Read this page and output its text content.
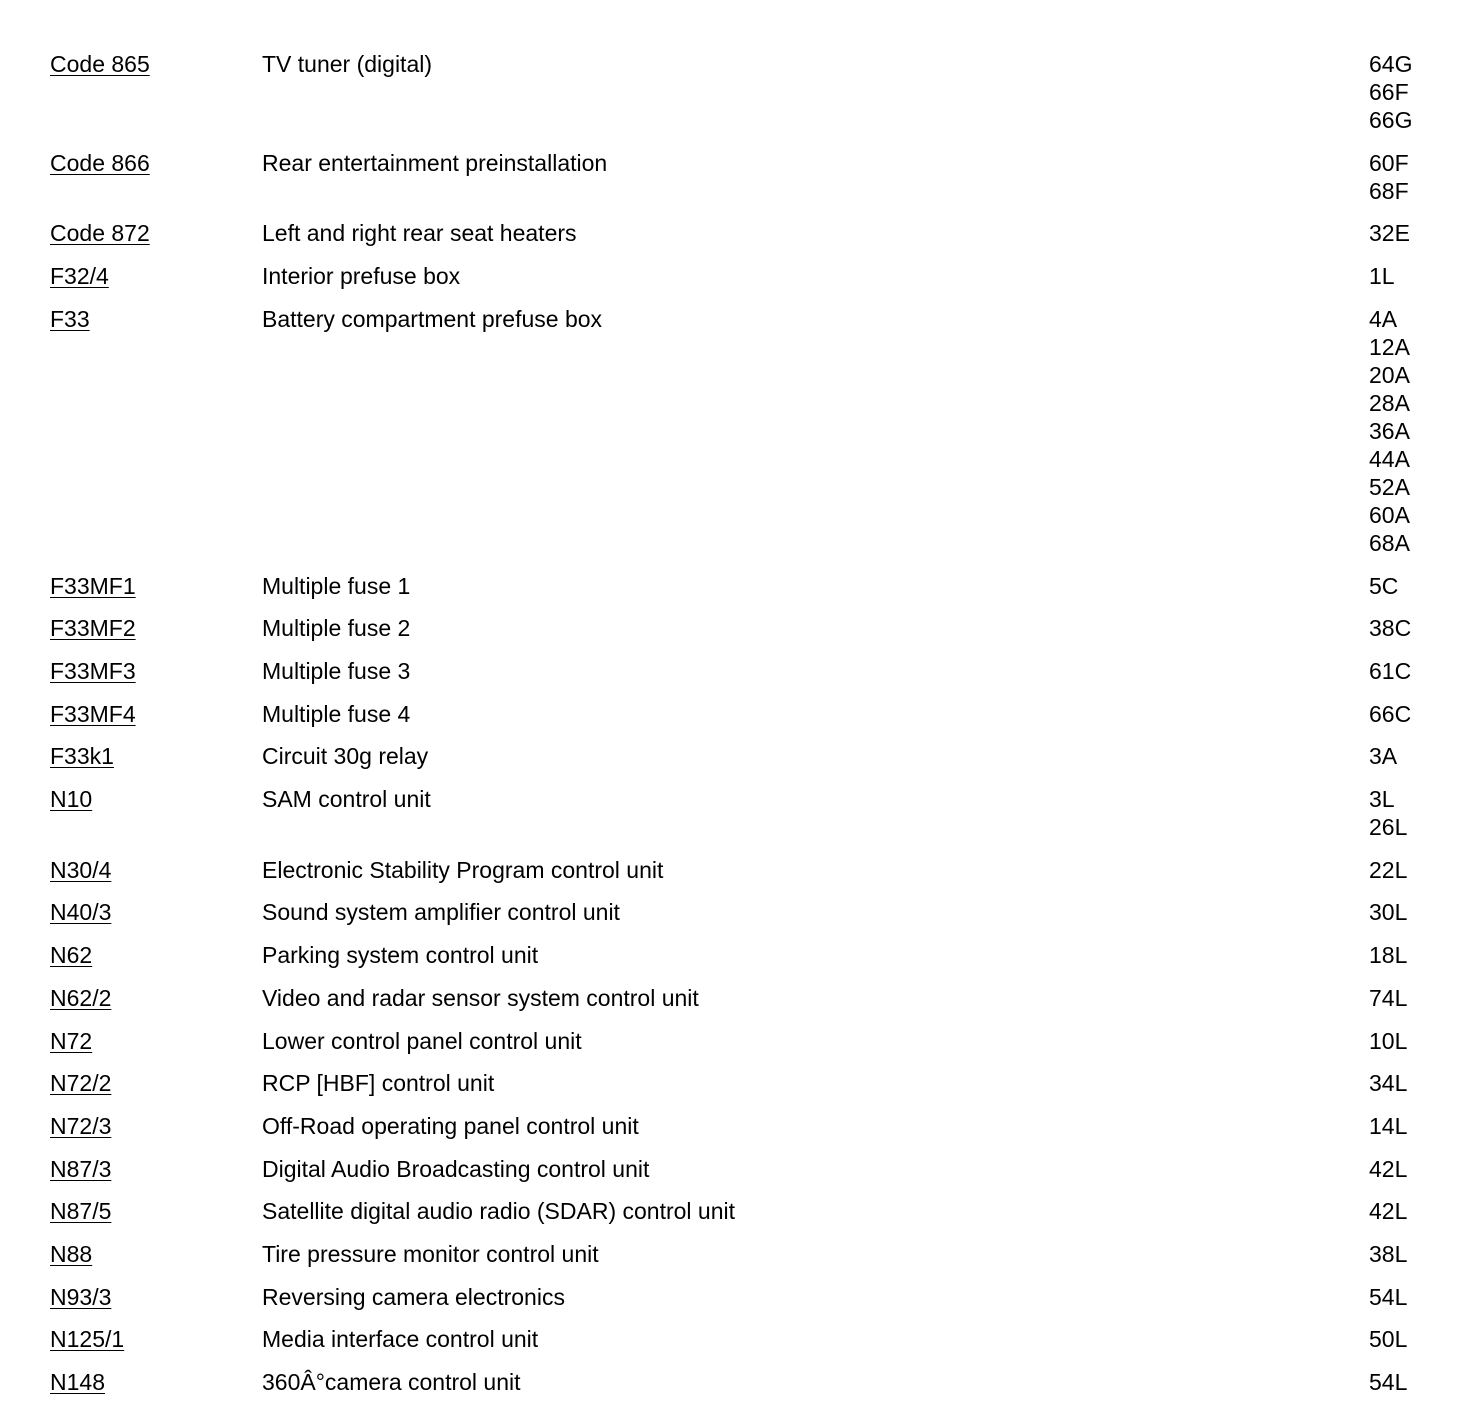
Code 865	TV tuner (digital)	64G
66F
66G
Code 866	Rear entertainment preinstallation	60F
68F
Code 872	Left and right rear seat heaters	32E
F32/4	Interior prefuse box	1L
F33	Battery compartment prefuse box	4A
12A
20A
28A
36A
44A
52A
60A
68A
F33MF1	Multiple fuse 1	5C
F33MF2	Multiple fuse 2	38C
F33MF3	Multiple fuse 3	61C
F33MF4	Multiple fuse 4	66C
F33k1	Circuit 30g relay	3A
N10	SAM control unit	3L
26L
N30/4	Electronic Stability Program control unit	22L
N40/3	Sound system amplifier control unit	30L
N62	Parking system control unit	18L
N62/2	Video and radar sensor system control unit	74L
N72	Lower control panel control unit	10L
N72/2	RCP [HBF] control unit	34L
N72/3	Off-Road operating panel control unit	14L
N87/3	Digital Audio Broadcasting control unit	42L
N87/5	Satellite digital audio radio (SDAR) control unit	42L
N88	Tire pressure monitor control unit	38L
N93/3	Reversing camera electronics	54L
N125/1	Media interface control unit	50L
N148	360Â°camera control unit	54L
